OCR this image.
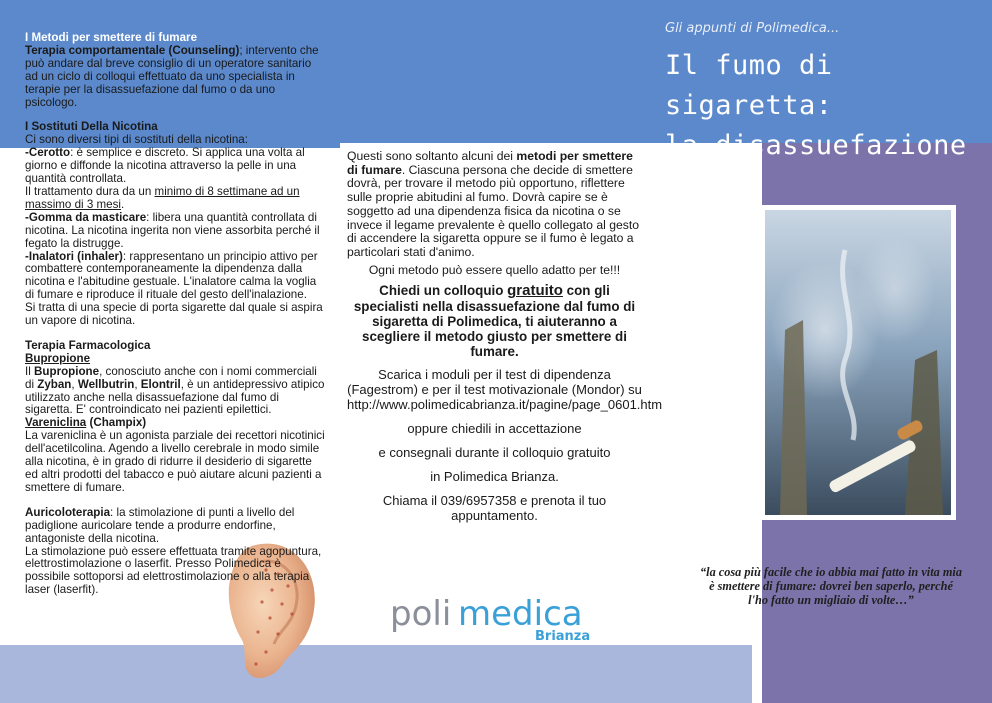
Gli appunti di Polimedica...
Il fumo di sigaretta:
la disassuefazione

I Metodi per smettere di fumare

Terapia comportamentale (Counseling); intervento che può andare dal breve consiglio di un operatore sanitario ad un ciclo di colloqui effettuato da uno specialista in terapie per la disassuefazione dal fumo o da uno psicologo.

I Sostituti Della Nicotina

Ci sono diversi tipi di sostituti della nicotina:

-Cerotto: è semplice e discreto. Si applica una volta al giorno e diffonde la nicotina attraverso la pelle in una quantità controllata.

Il trattamento dura da un minimo di 8 settimane ad un massimo di 3 mesi.

-Gomma da masticare: libera una quantità controllata di nicotina. La nicotina ingerita non viene assorbita perché il fegato la distrugge.

-Inalatori (inhaler): rappresentano un principio attivo per combattere contemporaneamente la dipendenza dalla nicotina e l'abitudine gestuale. L'inalatore calma la voglia di fumare e riproduce il rituale del gesto dell'inalazione.

Si tratta di una specie di porta sigarette dal quale si aspira un vapore di nicotina.

Terapia Farmacologica

Bupropione

Il Bupropione, conosciuto anche con i nomi commerciali di Zyban, Wellbutrin, Elontril, è un antidepressivo atipico utilizzato anche nella disassuefazione dal fumo di sigaretta. E' controindicato nei pazienti epilettici.

Vareniclina (Champix)

La vareniclina è un agonista parziale dei recettori nicotinici dell'acetilcolina. Agendo a livello cerebrale in modo simile alla nicotina, è in grado di ridurre il desiderio di sigarette ed altri prodotti del tabacco e può aiutare alcuni pazienti a smettere di fumare.

Auricoloterapia: la stimolazione di punti a livello del padiglione auricolare tende a produrre endorfine, antagoniste della nicotina.

La stimolazione può essere effettuata tramite agopuntura, elettrostimolazione o laserfit. Presso Polimedica è possibile sottoporsi ad elettrostimolazione o alla terapia laser (laserfit).

Questi sono soltanto alcuni dei metodi per smettere di fumare. Ciascuna persona che decide di smettere dovrà, per trovare il metodo più opportuno, riflettere sulle proprie abitudini al fumo. Dovrà capire se è soggetto ad una dipendenza fisica da nicotina o se invece il legame prevalente è quello collegato al gesto di accendere la sigaretta oppure se il fumo è legato a particolari stati d'animo.

Ogni metodo può essere quello adatto per te!!!

Chiedi un colloquio gratuito con gli specialisti nella disassuefazione dal fumo di sigaretta di Polimedica, ti aiuteranno a scegliere il metodo giusto per smettere di fumare.

Scarica i moduli per il test di dipendenza (Fagestrom) e per il test motivazionale (Mondor) su http://www.polimedicabrianza.it/pagine/page_0601.htm

oppure chiedili in accettazione

e consegnali durante il colloquio gratuito

in Polimedica Brianza.

Chiama il 039/6957358 e prenota il tuo appuntamento.

poli medica
Brianza
“la cosa più facile che io abbia mai fatto in vita mia è smettere di fumare: dovrei ben saperlo, perché l'ho fatto un migliaio di volte…”
